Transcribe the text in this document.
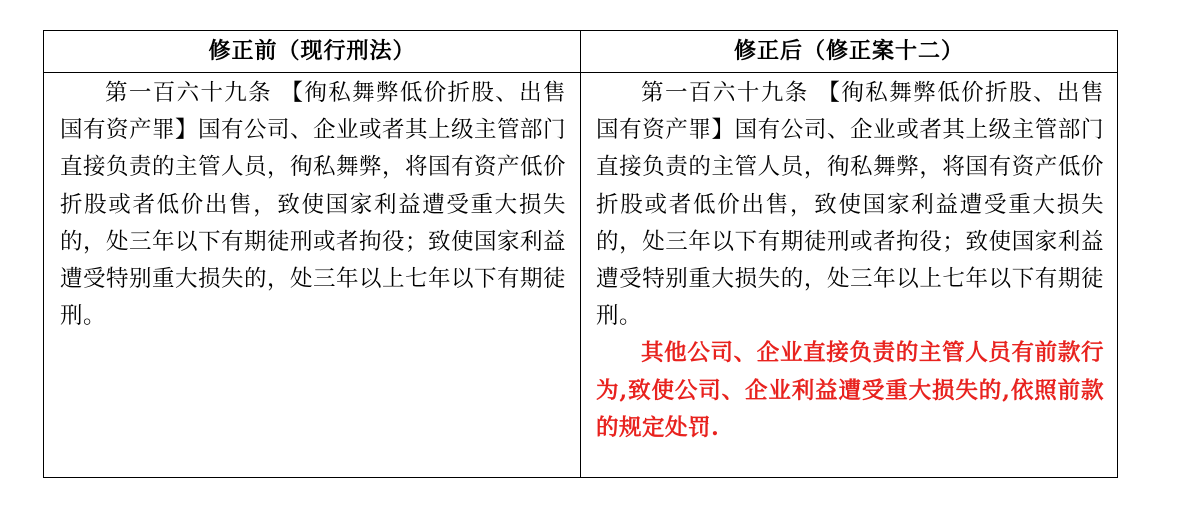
修正前（现行刑法）	修正后（修正案十二）

第一百六十九条 【徇私舞弊低价折股、出售国有资产罪】国有公司、企业或者其上级主管部门直接负责的主管人员，徇私舞弊，将国有资产低价折股或者低价出售，致使国家利益遭受重大损失的，处三年以下有期徒刑或者拘役；致使国家利益遭受特别重大损失的，处三年以上七年以下有期徒刑。

第一百六十九条 【徇私舞弊低价折股、出售国有资产罪】国有公司、企业或者其上级主管部门直接负责的主管人员，徇私舞弊，将国有资产低价折股或者低价出售，致使国家利益遭受重大损失的，处三年以下有期徒刑或者拘役；致使国家利益遭受特别重大损失的，处三年以上七年以下有期徒刑。

其他公司、企业直接负责的主管人员有前款行为,致使公司、企业利益遭受重大损失的,依照前款的规定处罚.
